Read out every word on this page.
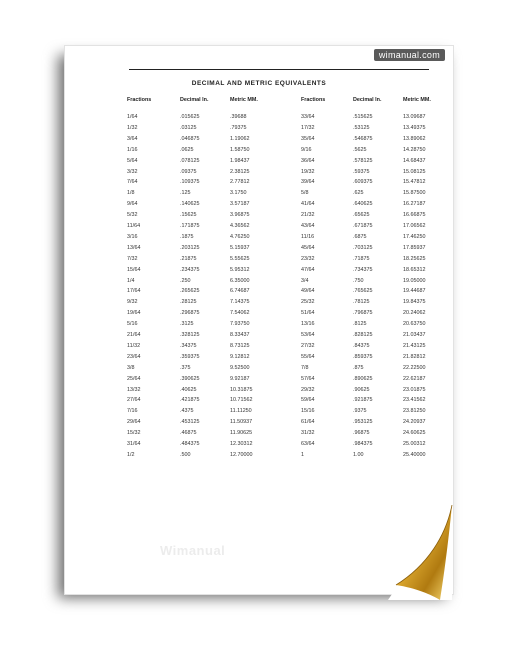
wimanual.com
DECIMAL AND METRIC EQUIVALENTS
Fractions	Decimal In.	Metric MM.	Fractions	Decimal In.	Metric MM.
1/64	.015625	.39688	33/64	.515625	13.09687
1/32	.03125	.79375	17/32	.53125	13.49375
3/64	.046875	1.19062	35/64	.546875	13.89062
1/16	.0625	1.58750	9/16	.5625	14.28750
5/64	.078125	1.98437	36/64	.578125	14.68437
3/32	.09375	2.38125	19/32	.59375	15.08125
7/64	.109375	2.77812	39/64	.609375	15.47812
1/8	.125	3.1750	5/8	.625	15.87500
9/64	.140625	3.57187	41/64	.640625	16.27187
5/32	.15625	3.96875	21/32	.65625	16.66875
11/64	.171875	4.36562	43/64	.671875	17.06562
3/16	.1875	4.76250	11/16	.6875	17.46250
13/64	.203125	5.15937	45/64	.703125	17.85937
7/32	.21875	5.55625	23/32	.71875	18.25625
15/64	.234375	5.95312	47/64	.734375	18.65312
1/4	.250	6.35000	3/4	.750	19.05000
17/64	.265625	6.74687	49/64	.765625	19.44687
9/32	.28125	7.14375	25/32	.78125	19.84375
19/64	.296875	7.54062	51/64	.796875	20.24062
5/16	.3125	7.93750	13/16	.8125	20.63750
21/64	.328125	8.33437	53/64	.828125	21.03437
11/32	.34375	8.73125	27/32	.84375	21.43125
23/64	.359375	9.12812	55/64	.859375	21.82812
3/8	.375	9.52500	7/8	.875	22.22500
25/64	.390625	9.92187	57/64	.890625	22.62187
13/32	.40625	10.31875	29/32	.90625	23.01875
27/64	.421875	10.71562	59/64	.921875	23.41562
7/16	.4375	11.11250	15/16	.9375	23.81250
29/64	.453125	11.50937	61/64	.953125	24.20937
15/32	.46875	11.90625	31/32	.96875	24.60625
31/64	.484375	12.30312	63/64	.984375	25.00312
1/2	.500	12.70000	1	1.00	25.40000
Wimanual
